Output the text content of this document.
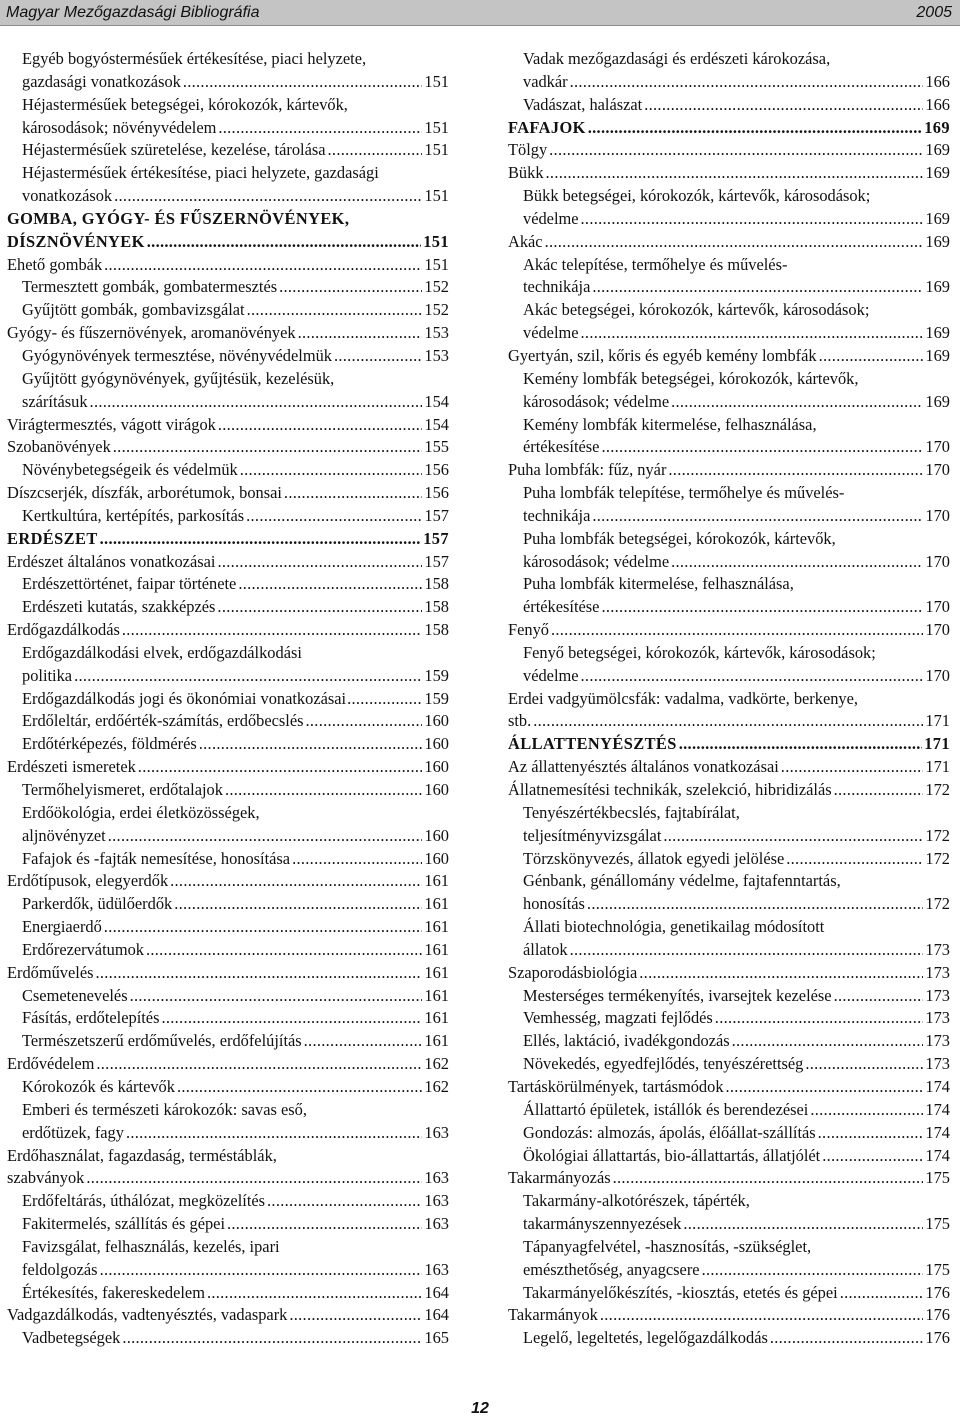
Magyar Mezőgazdasági Bibliográfia	2005
Egyéb bogyóstermésűek értékesítése, piaci helyzete,
gazdasági vonatkozások .....	151
Héjastermésűek betegségei, kórokozók, kártevők,
károsodások; növényvédelem .....	151
Héjastermésűek szüretelése, kezelése, tárolása .....	151
Héjastermésűek értékesítése, piaci helyzete, gazdasági
vonatkozások .....	151
GOMBA, GYÓGY- ÉS FŰSZERNÖVÉNYEK,
DÍSZNÖVÉNYEK .....	151
Ehető gombák .....	151
Termesztett gombák, gombatermesztés .....	152
Gyűjtött gombák, gombavizsgálat .....	152
Gyógy- és fűszernövények, aromanövények .....	153
Gyógynövények termesztése, növényvédelmük .....	153
Gyűjtött gyógynövények, gyűjtésük, kezelésük,
szárításuk .....	154
Virágtermesztés, vágott virágok .....	154
Szobanövények .....	155
Növénybetegségeik és védelmük .....	156
Díszcserjék, díszfák, arborétumok, bonsai .....	156
Kertkultúra, kertépítés, parkosítás .....	157
ERDÉSZET .....	157
Erdészet általános vonatkozásai .....	157
Erdészettörténet, faipar története .....	158
Erdészeti kutatás, szakképzés .....	158
Erdőgazdálkodás .....	158
Erdőgazdálkodási elvek, erdőgazdálkodási
politika .....	159
Erdőgazdálkodás jogi és ökonómiai vonatkozásai .....	159
Erdőleltár, erdőérték-számítás, erdőbecslés .....	160
Erdőtérképezés, földmérés .....	160
Erdészeti ismeretek .....	160
Termőhelyismeret, erdőtalajok .....	160
Erdőökológia, erdei életközösségek,
aljnövényzet .....	160
Fafajok és -fajták nemesítése, honosítása .....	160
Erdőtípusok, elegyerdők .....	161
Parkerdők, üdülőerdők .....	161
Energiaerdő .....	161
Erdőrezervátumok .....	161
Erdőművelés .....	161
Csemetenevelés .....	161
Fásítás, erdőtelepítés .....	161
Természetszerű erdőművelés, erdőfelújítás .....	161
Erdővédelem .....	162
Kórokozók és kártevők .....	162
Emberi és természeti károkozók: savas eső,
erdőtüzek, fagy .....	163
Erdőhasználat, fagazdaság, terméstáblák,
szabványok .....	163
Erdőfeltárás, úthálózat, megközelítés .....	163
Fakitermelés, szállítás és gépei .....	163
Favizsgálat, felhasználás, kezelés, ipari
feldolgozás .....	163
Értékesítés, fakereskedelem .....	164
Vadgazdálkodás, vadtenyésztés, vadaspark .....	164
Vadbetegségek .....	165
Vadak mezőgazdasági és erdészeti károkozása,
vadkár .....	166
Vadászat, halászat .....	166
FAFAJOK .....	169
Tölgy .....	169
Bükk .....	169
Bükk betegségei, kórokozók, kártevők, károsodások;
védelme .....	169
Akác .....	169
Akác telepítése, termőhelye és művelés-
technikája .....	169
Akác betegségei, kórokozók, kártevők, károsodások;
védelme .....	169
Gyertyán, szil, kőris és egyéb kemény lombfák .....	169
Kemény lombfák betegségei, kórokozók, kártevők,
károsodások; védelme .....	169
Kemény lombfák kitermelése, felhasználása,
értékesítése .....	170
Puha lombfák: fűz, nyár .....	170
Puha lombfák telepítése, termőhelye és művelés-
technikája .....	170
Puha lombfák betegségei, kórokozók, kártevők,
károsodások; védelme .....	170
Puha lombfák kitermelése, felhasználása,
értékesítése .....	170
Fenyő .....	170
Fenyő betegségei, kórokozók, kártevők, károsodások;
védelme .....	170
Erdei vadgyümölcsfák: vadalma, vadkörte, berkenye,
stb. .....	171
ÁLLATTENYÉSZTÉS .....	171
Az állattenyésztés általános vonatkozásai .....	171
Állatnemesítési technikák, szelekció, hibridizálás .....	172
Tenyészértékbecslés, fajtabírálat,
teljesítményvizsgálat .....	172
Törzskönyvezés, állatok egyedi jelölése .....	172
Génbank, génállomány védelme, fajtafenntartás,
honosítás .....	172
Állati biotechnológia, genetikailag módosított
állatok .....	173
Szaporodásbiológia .....	173
Mesterséges termékenyítés, ivarsejtek kezelése .....	173
Vemhesség, magzati fejlődés .....	173
Ellés, laktáció, ivadékgondozás .....	173
Növekedés, egyedfejlődés, tenyészérettség .....	173
Tartáskörülmények, tartásmódok .....	174
Állattartó épületek, istállók és berendezései .....	174
Gondozás: almozás, ápolás, élőállat-szállítás .....	174
Ökológiai állattartás, bio-állattartás, állatjólét .....	174
Takarmányozás .....	175
Takarmány-alkotórészek, tápérték,
takarmányszennyezések .....	175
Tápanyagfelvétel, -hasznosítás, -szükséglet,
emészthetőség, anyagcsere .....	175
Takarmányelőkészítés, -kiosztás, etetés és gépei .....	176
Takarmányok .....	176
Legelő, legeltetés, legelőgazdálkodás .....	176
12
